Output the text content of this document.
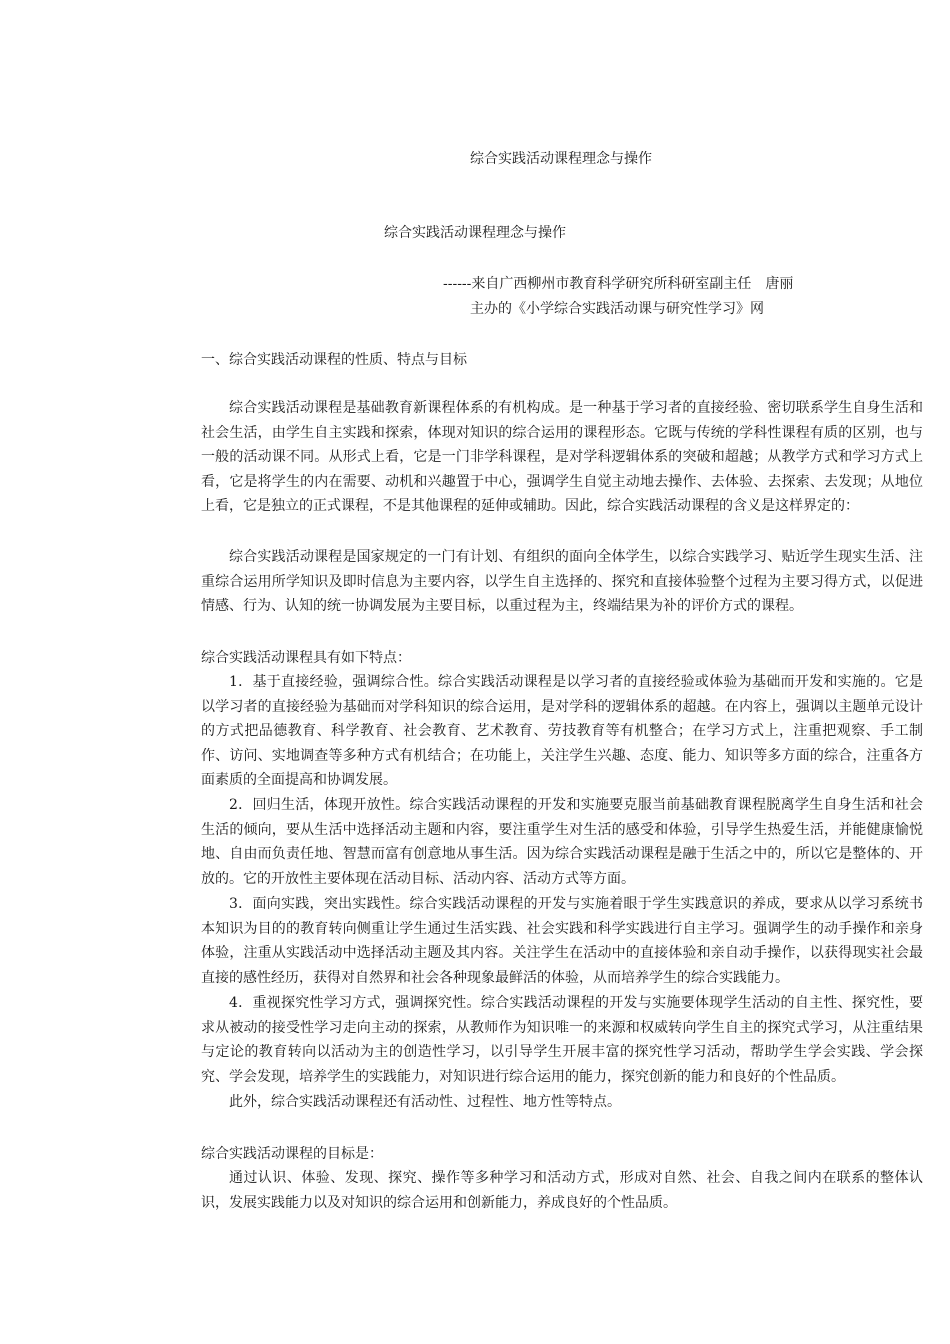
综合实践活动课程理念与操作

综合实践活动课程理念与操作

------来自广西柳州市教育科学研究所科研室副主任　唐丽

主办的《小学综合实践活动课与研究性学习》网

一、综合实践活动课程的性质、特点与目标

综合实践活动课程是基础教育新课程体系的有机构成。是一种基于学习者的直接经验、密切联系学生自身生活和社会生活，由学生自主实践和探索，体现对知识的综合运用的课程形态。它既与传统的学科性课程有质的区别，也与一般的活动课不同。从形式上看，它是一门非学科课程，是对学科逻辑体系的突破和超越；从教学方式和学习方式上看，它是将学生的内在需要、动机和兴趣置于中心，强调学生自觉主动地去操作、去体验、去探索、去发现；从地位上看，它是独立的正式课程，不是其他课程的延伸或辅助。因此，综合实践活动课程的含义是这样界定的：

综合实践活动课程是国家规定的一门有计划、有组织的面向全体学生，以综合实践学习、贴近学生现实生活、注重综合运用所学知识及即时信息为主要内容，以学生自主选择的、探究和直接体验整个过程为主要习得方式，以促进情感、行为、认知的统一协调发展为主要目标，以重过程为主，终端结果为补的评价方式的课程。

综合实践活动课程具有如下特点：

1．基于直接经验，强调综合性。综合实践活动课程是以学习者的直接经验或体验为基础而开发和实施的。它是以学习者的直接经验为基础而对学科知识的综合运用，是对学科的逻辑体系的超越。在内容上，强调以主题单元设计的方式把品德教育、科学教育、社会教育、艺术教育、劳技教育等有机整合；在学习方式上，注重把观察、手工制作、访问、实地调查等多种方式有机结合；在功能上，关注学生兴趣、态度、能力、知识等多方面的综合，注重各方面素质的全面提高和协调发展。

2．回归生活，体现开放性。综合实践活动课程的开发和实施要克服当前基础教育课程脱离学生自身生活和社会生活的倾向，要从生活中选择活动主题和内容，要注重学生对生活的感受和体验，引导学生热爱生活，并能健康愉悦地、自由而负责任地、智慧而富有创意地从事生活。因为综合实践活动课程是融于生活之中的，所以它是整体的、开放的。它的开放性主要体现在活动目标、活动内容、活动方式等方面。

3．面向实践，突出实践性。综合实践活动课程的开发与实施着眼于学生实践意识的养成，要求从以学习系统书本知识为目的的教育转向侧重让学生通过生活实践、社会实践和科学实践进行自主学习。强调学生的动手操作和亲身体验，注重从实践活动中选择活动主题及其内容。关注学生在活动中的直接体验和亲自动手操作，以获得现实社会最直接的感性经历，获得对自然界和社会各种现象最鲜活的体验，从而培养学生的综合实践能力。

4．重视探究性学习方式，强调探究性。综合实践活动课程的开发与实施要体现学生活动的自主性、探究性，要求从被动的接受性学习走向主动的探索，从教师作为知识唯一的来源和权威转向学生自主的探究式学习，从注重结果与定论的教育转向以活动为主的创造性学习，以引导学生开展丰富的探究性学习活动，帮助学生学会实践、学会探究、学会发现，培养学生的实践能力，对知识进行综合运用的能力，探究创新的能力和良好的个性品质。

此外，综合实践活动课程还有活动性、过程性、地方性等特点。

综合实践活动课程的目标是：

通过认识、体验、发现、探究、操作等多种学习和活动方式，形成对自然、社会、自我之间内在联系的整体认识，发展实践能力以及对知识的综合运用和创新能力，养成良好的个性品质。
